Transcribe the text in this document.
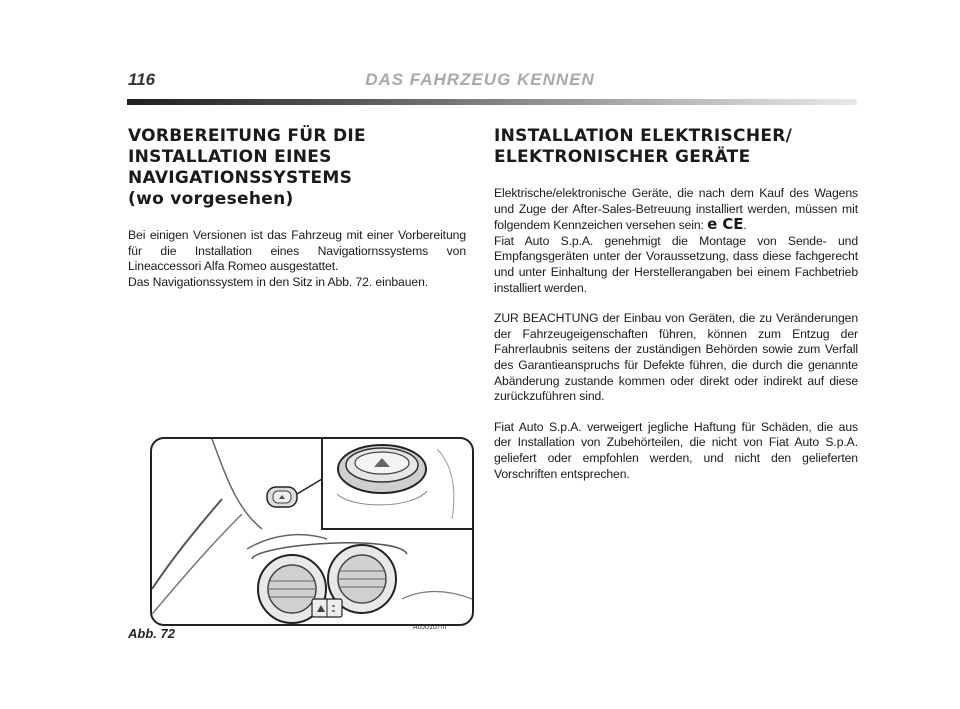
116	DAS FAHRZEUG KENNEN
VORBEREITUNG FÜR DIE
INSTALLATION EINES
NAVIGATIONSSYSTEMS
(wo vorgesehen)

Bei einigen Versionen ist das Fahrzeug mit einer Vorbereitung für die Installation eines Navigatiornssystems von Lineaccessori Alfa Romeo ausgestattet.

Das Navigationssystem in den Sitz in Abb. 72. einbauen.

INSTALLATION ELEKTRISCHER/
ELEKTRONISCHER GERÄTE

Elektrische/elektronische Geräte, die nach dem Kauf des Wagens und Zuge der After-Sales-Betreuung installiert werden, müssen mit folgendem Kennzeichen versehen sein: e CE.

Fiat Auto S.p.A. genehmigt die Montage von Sende- und Empfangsgeräten unter der Voraussetzung, dass diese fachgerecht und unter Einhaltung der Herstellerangaben bei einem Fachbetrieb installiert werden.

ZUR BEACHTUNG der Einbau von Geräten, die zu Veränderungen der Fahrzeugeigenschaften führen, können zum Entzug der Fahrerlaubnis seitens der zuständigen Behörden sowie zum Verfall des Garantieanspruchs für Defekte führen, die durch die genannte Abänderung zustande kommen oder direkt oder indirekt auf diese zurückzuführen sind.

Fiat Auto S.p.A. verweigert jegliche Haftung für Schäden, die aus der Installation von Zubehörteilen, die nicht von Fiat Auto S.p.A. geliefert oder empfohlen werden, und nicht den gelieferten Vorschriften entsprechen.

Abb. 72	A0J0107m
